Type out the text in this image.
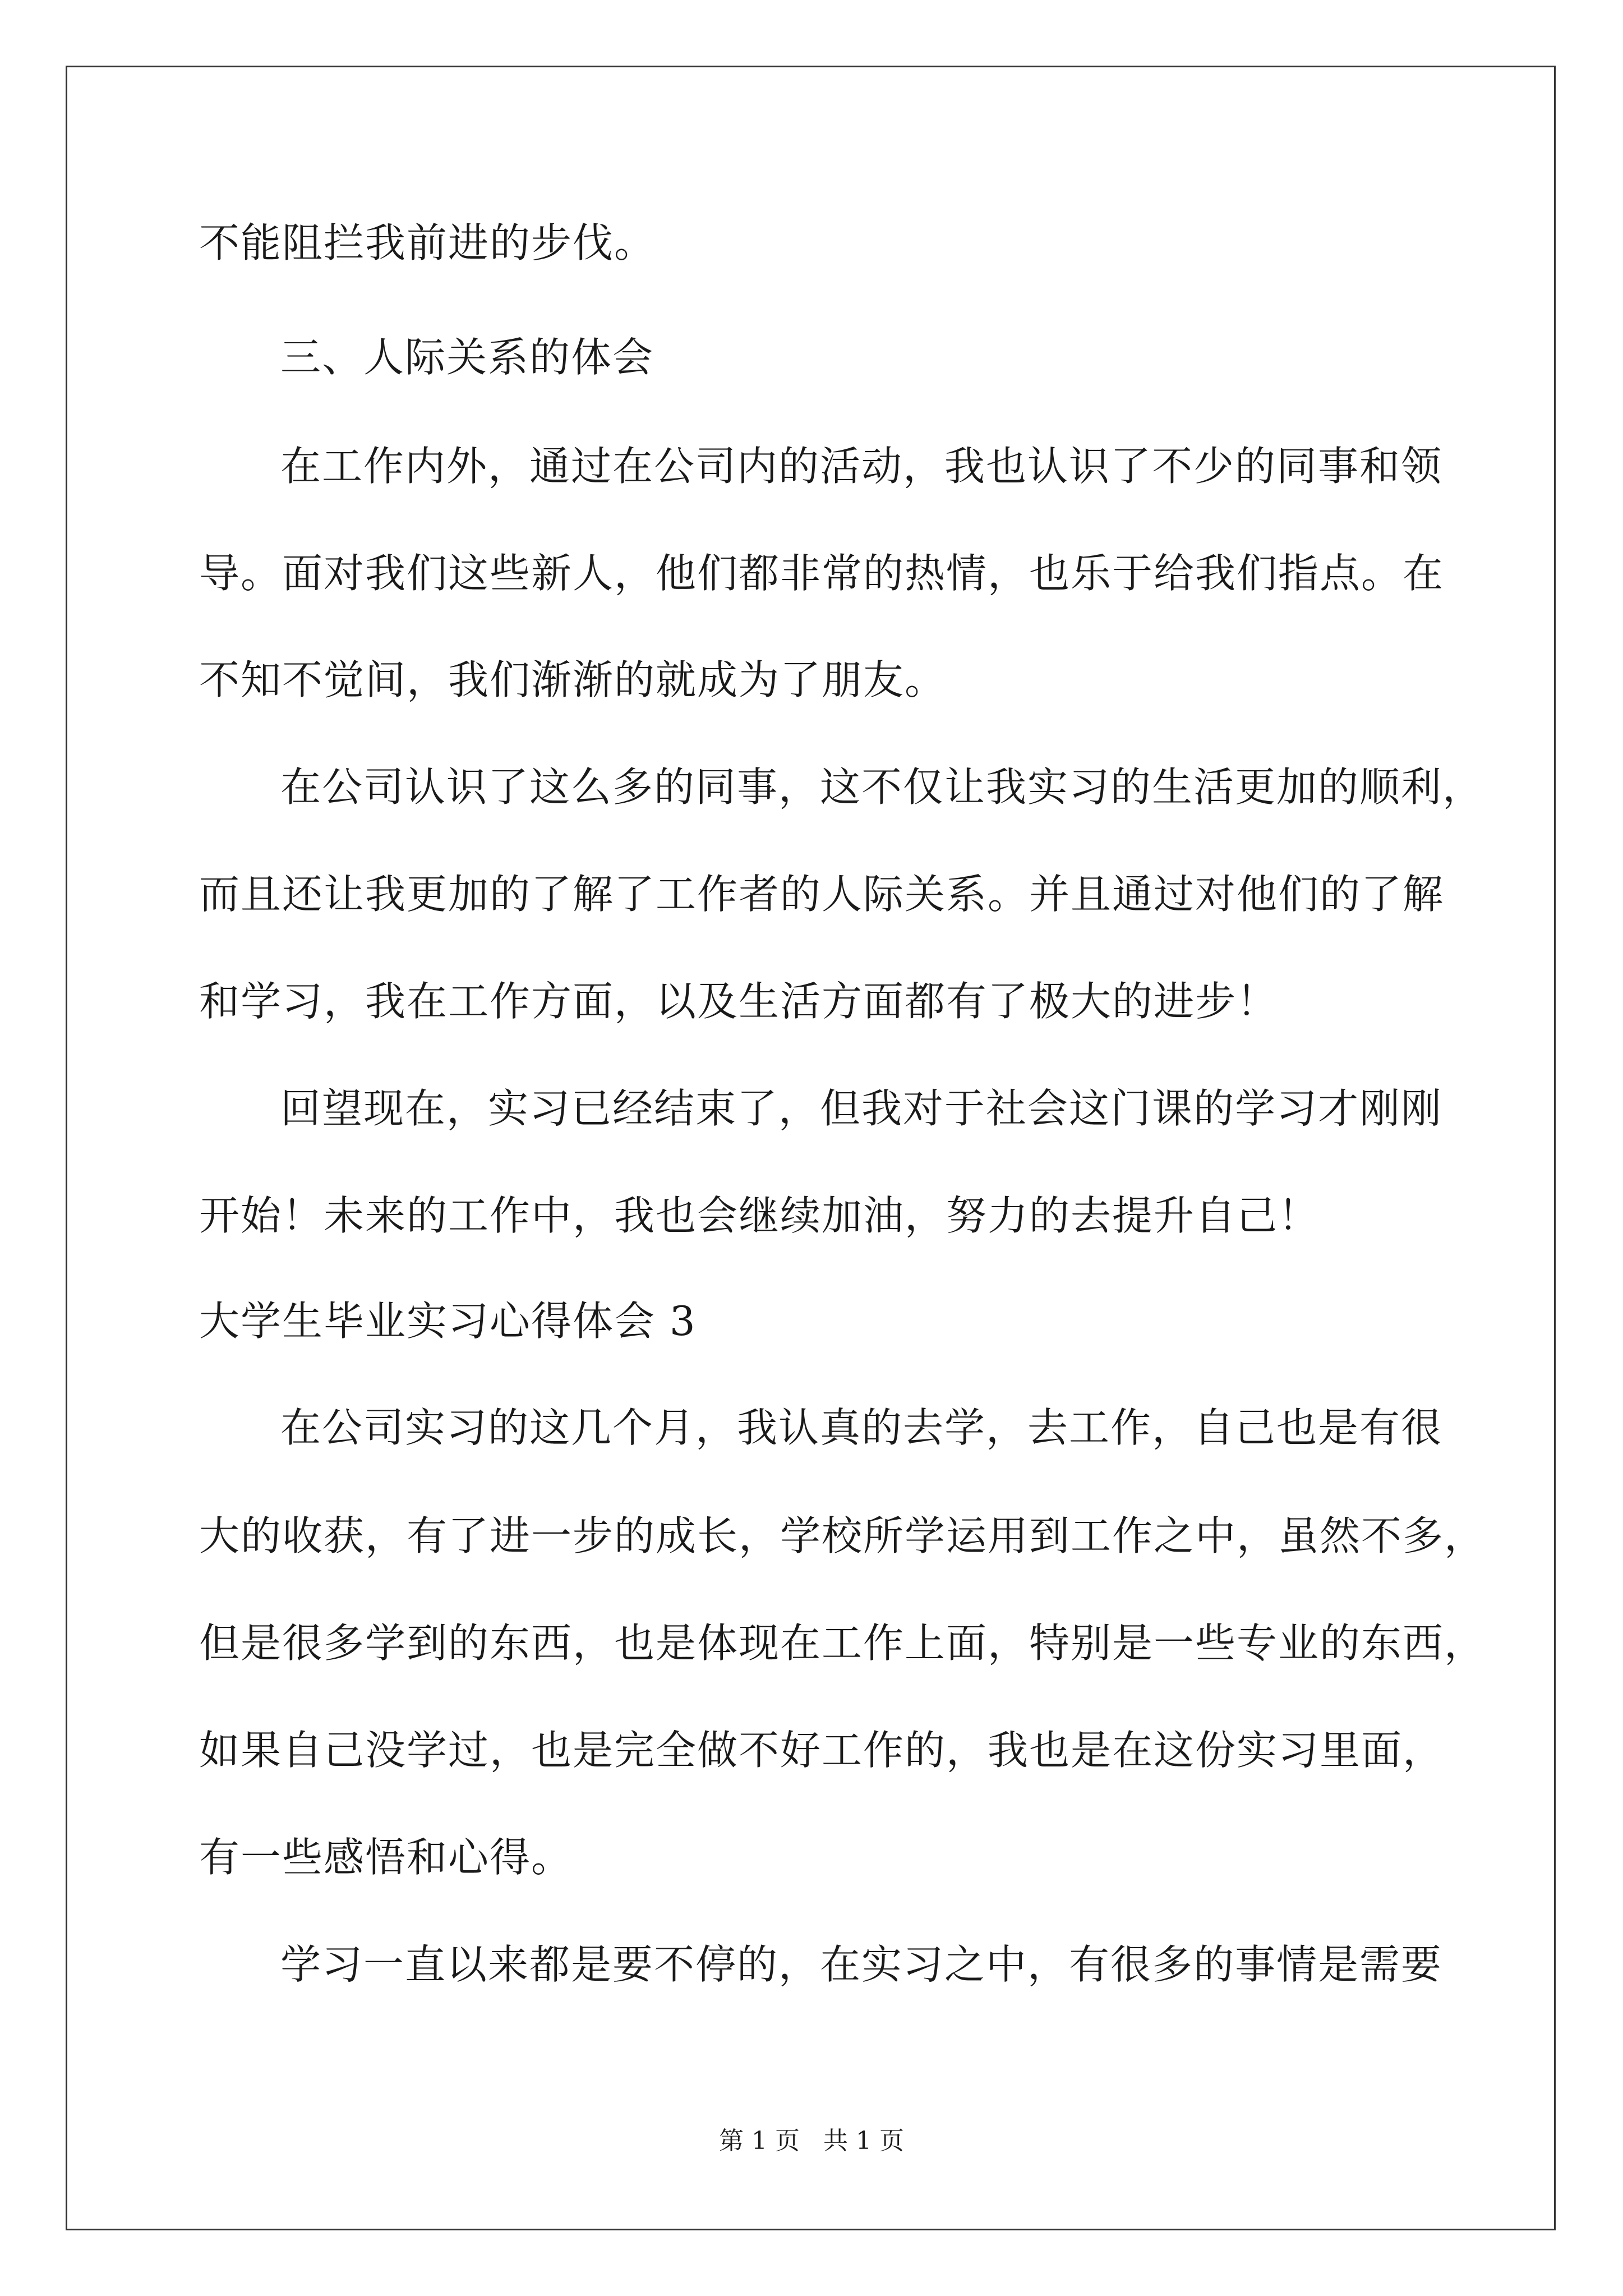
不能阻拦我前进的步伐。
三、人际关系的体会
在工作内外，通过在公司内的活动，我也认识了不少的同事和领
导。面对我们这些新人，他们都非常的热情，也乐于给我们指点。在
不知不觉间，我们渐渐的就成为了朋友。
在公司认识了这么多的同事，这不仅让我实习的生活更加的顺利，
而且还让我更加的了解了工作者的人际关系。并且通过对他们的了解
和学习，我在工作方面，以及生活方面都有了极大的进步！
回望现在，实习已经结束了，但我对于社会这门课的学习才刚刚
开始！未来的工作中，我也会继续加油，努力的去提升自己！
大学生毕业实习心得体会 3
在公司实习的这几个月，我认真的去学，去工作，自己也是有很
大的收获，有了进一步的成长，学校所学运用到工作之中，虽然不多，
但是很多学到的东西，也是体现在工作上面，特别是一些专业的东西，
如果自己没学过，也是完全做不好工作的，我也是在这份实习里面，
有一些感悟和心得。
学习一直以来都是要不停的，在实习之中，有很多的事情是需要
第 1 页   共 1 页
